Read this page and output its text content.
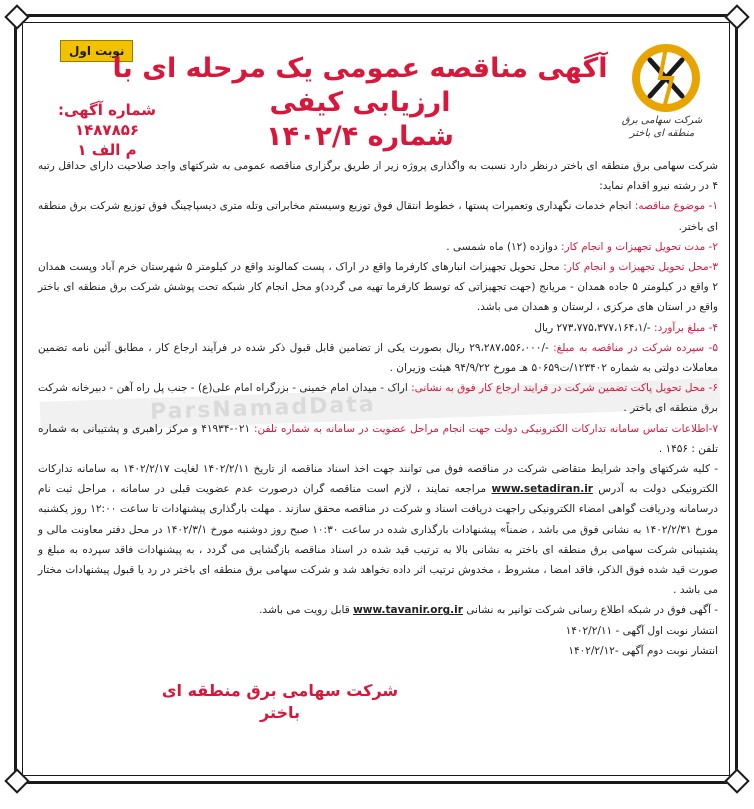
نوبت اول
آگهی مناقصه عمومی یک مرحله ای با ارزیابی کیفی
شماره ۱۴۰۲/۴
شماره آگهی: ۱۴۸۷۸۵۶
م الف ۱
شرکت سهامی برق
منطقه ای باختر
ParsNamadData

شرکت سهامی برق منطقه ای باختر درنظر دارد نسبت به واگذاری پروژه زیر از طریق برگزاری مناقصه عمومی به شرکتهای واجد صلاحیت دارای حداقل رتبه ۴ در رشته نیرو اقدام نماید:

۱- موضوع مناقصه: انجام خدمات نگهداری وتعمیرات پستها ، خطوط انتقال فوق توزیع وسیستم مخابراتی وتله متری دیسپاچینگ فوق توزیع شرکت برق منطقه ای باختر.

۲- مدت تحویل تجهیزات و انجام کار: دوازده (۱۲) ماه شمسی .

۳-محل تحویل تجهیزات و انجام کار: محل تحویل تجهیزات انبارهای کارفرما واقع در اراک ، پست کمالوند واقع در کیلومتر ۵ شهرستان خرم آباد وپست همدان ۲ واقع در کیلومتر ۵ جاده همدان - مریانج (جهت تجهیزاتی که توسط کارفرما تهیه می گردد)و محل انجام کار شبکه تحت پوشش شرکت برق منطقه ای باختر واقع در استان های مرکزی ، لرستان و همدان می باشد.

۴- مبلغ برآورد: -/۲۷۳،۷۷۵،۳۷۷،۱۶۴،۱ ریال

۵- سپرده شرکت در مناقصه به مبلغ: -/۲۹،۲۸۷،۵۵۶،۰۰۰ ریال بصورت یکی از تضامین قابل قبول ذکر شده در فرآیند ارجاع کار ، مطابق آئین نامه تضمین معاملات دولتی به شماره ۱۲۳۴۰۲/ت۵۰۶۵۹ هـ مورخ ۹۴/۹/۲۲ هیئت وزیران .

۶- محل تحویل پاکت تضمین شرکت در فرایند ارجاع کار فوق به نشانی: اراک - میدان امام خمینی - بزرگراه امام علی(ع) - جنب پل راه آهن - دبیرخانه شرکت برق منطقه ای باختر .

۷-اطلاعات تماس سامانه تدارکات الکترونیکی دولت جهت انجام مراحل عضویت در سامانه به شماره تلفن: ۰۲۱-۴۱۹۳۴ و مرکز راهبری و پشتیبانی به شماره تلفن : ۱۴۵۶ .

- کلیه شرکتهای واجد شرایط متقاضی شرکت در مناقصه فوق می توانند جهت اخذ اسناد مناقصه از تاریخ ۱۴۰۲/۲/۱۱ لغایت ۱۴۰۲/۲/۱۷ به سامانه تدارکات الکترونیکی دولت به آدرس www.setadiran.ir مراجعه نمایند ، لازم است مناقصه گران درصورت عدم عضویت قبلی در سامانه ، مراحل ثبت نام درسامانه ودریافت گواهی امضاء الکترونیکی راجهت دریافت اسناد و شرکت در مناقصه محقق سازند . مهلت بارگذاری پیشنهادات تا ساعت ۱۲:۰۰ روز یکشنبه مورخ ۱۴۰۲/۲/۳۱ به نشانی فوق می باشد ، ضمناً» پیشنهادات بارگذاری شده در ساعت ۱۰:۳۰ صبح روز دوشنبه مورخ ۱۴۰۲/۳/۱ در محل دفتر معاونت مالی و پشتیبانی شرکت سهامی برق منطقه ای باختر به نشانی بالا به ترتیب قید شده در اسناد مناقصه بازگشایی می گردد ، به پیشنهادات فاقد سپرده به مبلغ و صورت قید شده فوق الذکر، فاقد امضا ، مشروط ، مخدوش ترتیب اثر داده نخواهد شد و شرکت سهامی برق منطقه ای باختر در رد یا قبول پیشنهادات مختار می باشد .

- آگهی فوق در شبکه اطلاع رسانی شرکت توانیر به نشانی www.tavanir.org.ir قابل رویت می باشد.

انتشار نوبت اول آگهی - ۱۴۰۲/۲/۱۱

انتشار نوبت دوم آگهی -۱۴۰۲/۲/۱۲

شرکت سهامی برق منطقه ای باختر
